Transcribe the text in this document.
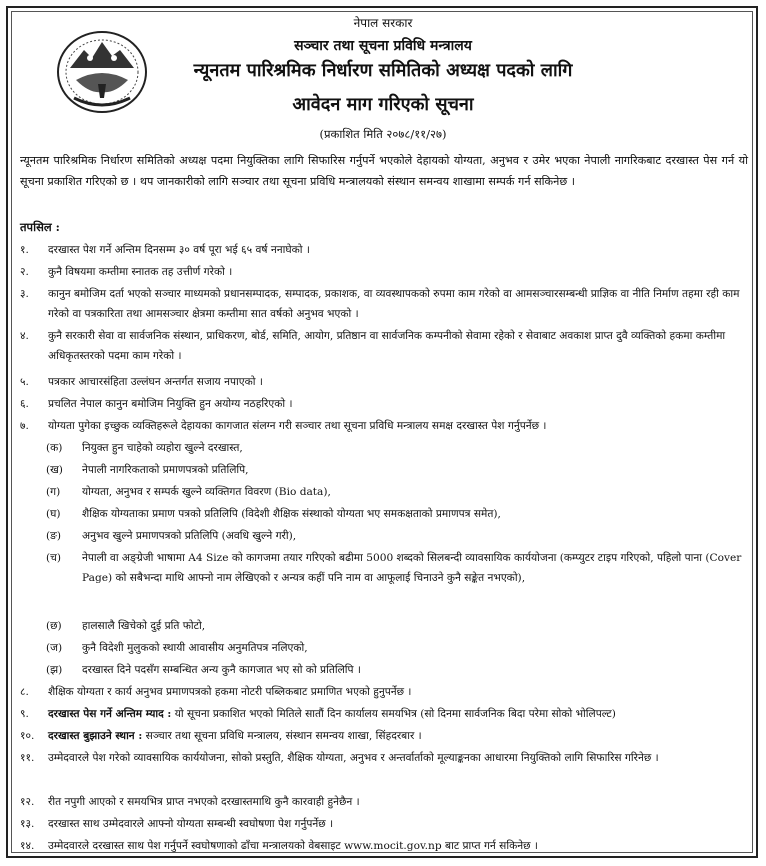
नेपाल सरकार
सञ्चार तथा सूचना प्रविधि मन्त्रालय
न्यूनतम पारिश्रमिक निर्धारण समितिको अध्यक्ष पदको लागि
आवेदन माग गरिएको सूचना
(प्रकाशित मिति २०७८/११/२७)
न्यूनतम पारिश्रमिक निर्धारण समितिको अध्यक्ष पदमा नियुक्तिका लागि सिफारिस गर्नुपर्ने भएकोले देहायको योग्यता, अनुभव र उमेर भएका नेपाली नागरिकबाट दरखास्त पेस गर्न यो सूचना प्रकाशित गरिएको छ । थप जानकारीको लागि सञ्चार तथा सूचना प्रविधि मन्त्रालयको संस्थान समन्वय शाखामा सम्पर्क गर्न सकिनेछ ।
तपसिल :
१.	दरखास्त पेश गर्ने अन्तिम दिनसम्म ३० वर्ष पूरा भई ६५ वर्ष ननाघेको ।
२.	कुनै विषयमा कम्तीमा स्नातक तह उत्तीर्ण गरेको ।
३.	कानुन बमोजिम दर्ता भएको सञ्चार माध्यमको प्रधानसम्पादक, सम्पादक, प्रकाशक, वा व्यवस्थापकको रुपमा काम गरेको वा आमसञ्चारसम्बन्धी प्राज्ञिक वा नीति निर्माण तहमा रही काम गरेको वा पत्रकारिता तथा आमसञ्चार क्षेत्रमा कम्तीमा सात वर्षको अनुभव भएको ।
४.	कुनै सरकारी सेवा वा सार्वजनिक संस्थान, प्राधिकरण, बोर्ड, समिति, आयोग, प्रतिष्ठान वा सार्वजनिक कम्पनीको सेवामा रहेको र सेवाबाट अवकाश प्राप्त दुवै व्यक्तिको हकमा कम्तीमा अधिकृतस्तरको पदमा काम गरेको ।
५.	पत्रकार आचारसंहिता उल्लंघन अन्तर्गत सजाय नपाएको ।
६.	प्रचलित नेपाल कानुन बमोजिम नियुक्ति हुन अयोग्य नठहरिएको ।
७.	योग्यता पुगेका इच्छुक व्यक्तिहरूले देहायका कागजात संलग्न गरी सञ्चार तथा सूचना प्रविधि मन्त्रालय समक्ष दरखास्त पेश गर्नुपर्नेछ ।
(क)	नियुक्त हुन चाहेको व्यहोरा खुल्ने दरखास्त,
(ख)	नेपाली नागरिकताको प्रमाणपत्रको प्रतिलिपि,
(ग)	योग्यता, अनुभव र सम्पर्क खुल्ने व्यक्तिगत विवरण (Bio data),
(घ)	शैक्षिक योग्यताका प्रमाण पत्रको प्रतिलिपि (विदेशी शैक्षिक संस्थाको योग्यता भए समकक्षताको प्रमाणपत्र समेत),
(ङ)	अनुभव खुल्ने प्रमाणपत्रको प्रतिलिपि (अवधि खुल्ने गरी),
(च)	नेपाली वा अङ्ग्रेजी भाषामा A4 Size को कागजमा तयार गरिएको बढीमा 5000 शब्दको सिलबन्दी व्यावसायिक कार्ययोजना (कम्प्युटर टाइप गरिएको, पहिलो पाना (Cover Page) को सबैभन्दा माथि आफ्नो नाम लेखिएको र अन्यत्र कहीं पनि नाम वा आफूलाई चिनाउने कुनै सङ्केत नभएको),
(छ)	हालसालै खिचेको दुई प्रति फोटो,
(ज)	कुनै विदेशी मुलुकको स्थायी आवासीय अनुमतिपत्र नलिएको,
(झ)	दरखास्त दिने पदसँग सम्बन्धित अन्य कुनै कागजात भए सो को प्रतिलिपि ।
८.	शैक्षिक योग्यता र कार्य अनुभव प्रमाणपत्रको हकमा नोटरी पब्लिकबाट प्रमाणित भएको हुनुपर्नेछ ।
९.	दरखास्त पेस गर्ने अन्तिम म्याद : यो सूचना प्रकाशित भएको मितिले सातौं दिन कार्यालय समयभित्र (सो दिनमा सार्वजनिक बिदा परेमा सोको भोलिपल्ट)
१०.	दरखास्त बुझाउने स्थान : सञ्चार तथा सूचना प्रविधि मन्त्रालय, संस्थान समन्वय शाखा, सिंहदरबार ।
११.	उम्मेदवारले पेश गरेको व्यावसायिक कार्ययोजना, सोको प्रस्तुति, शैक्षिक योग्यता, अनुभव र अन्तर्वार्ताको मूल्याङ्कनका आधारमा नियुक्तिको लागि सिफारिस गरिनेछ ।
१२.	रीत नपुगी आएको र समयभित्र प्राप्त नभएको दरखास्तमाथि कुनै कारवाही हुनेछैन ।
१३.	दरखास्त साथ उम्मेदवारले आफ्नो योग्यता सम्बन्धी स्वघोषणा पेश गर्नुपर्नेछ ।
१४.	उम्मेदवारले दरखास्त साथ पेश गर्नुपर्ने स्वघोषणाको ढाँचा मन्त्रालयको वेबसाइट www.mocit.gov.np बाट प्राप्त गर्न सकिनेछ ।
